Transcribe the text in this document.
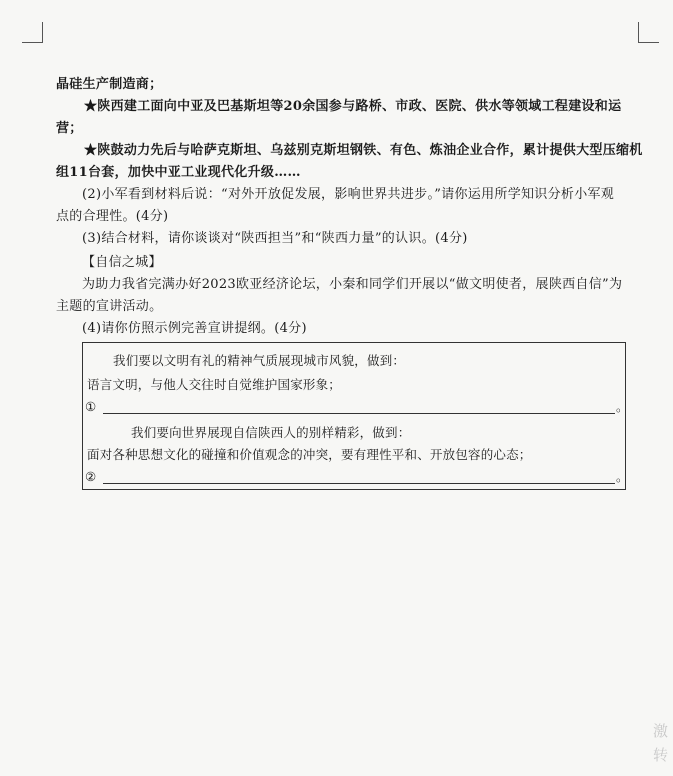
晶硅生产制造商；
★陕西建工面向中亚及巴基斯坦等20余国参与路桥、市政、医院、供水等领域工程建设和运
营；
★陕鼓动力先后与哈萨克斯坦、乌兹别克斯坦钢铁、有色、炼油企业合作，累计提供大型压缩机
组11台套，加快中亚工业现代化升级……
(2)小军看到材料后说：“对外开放促发展，影响世界共进步。”请你运用所学知识分析小军观
点的合理性。(4分)
(3)结合材料，请你谈谈对“陕西担当”和“陕西力量”的认识。(4分)
【自信之城】
为助力我省完满办好2023欧亚经济论坛，小秦和同学们开展以“做文明使者，展陕西自信”为
主题的宣讲活动。
(4)请你仿照示例完善宣讲提纲。(4分)
我们要以文明有礼的精神气质展现城市风貌，做到：
语言文明，与他人交往时自觉维护国家形象；
①	。
我们要向世界展现自信陕西人的别样精彩，做到：
面对各种思想文化的碰撞和价值观念的冲突，要有理性平和、开放包容的心态；
②	。
激
转
